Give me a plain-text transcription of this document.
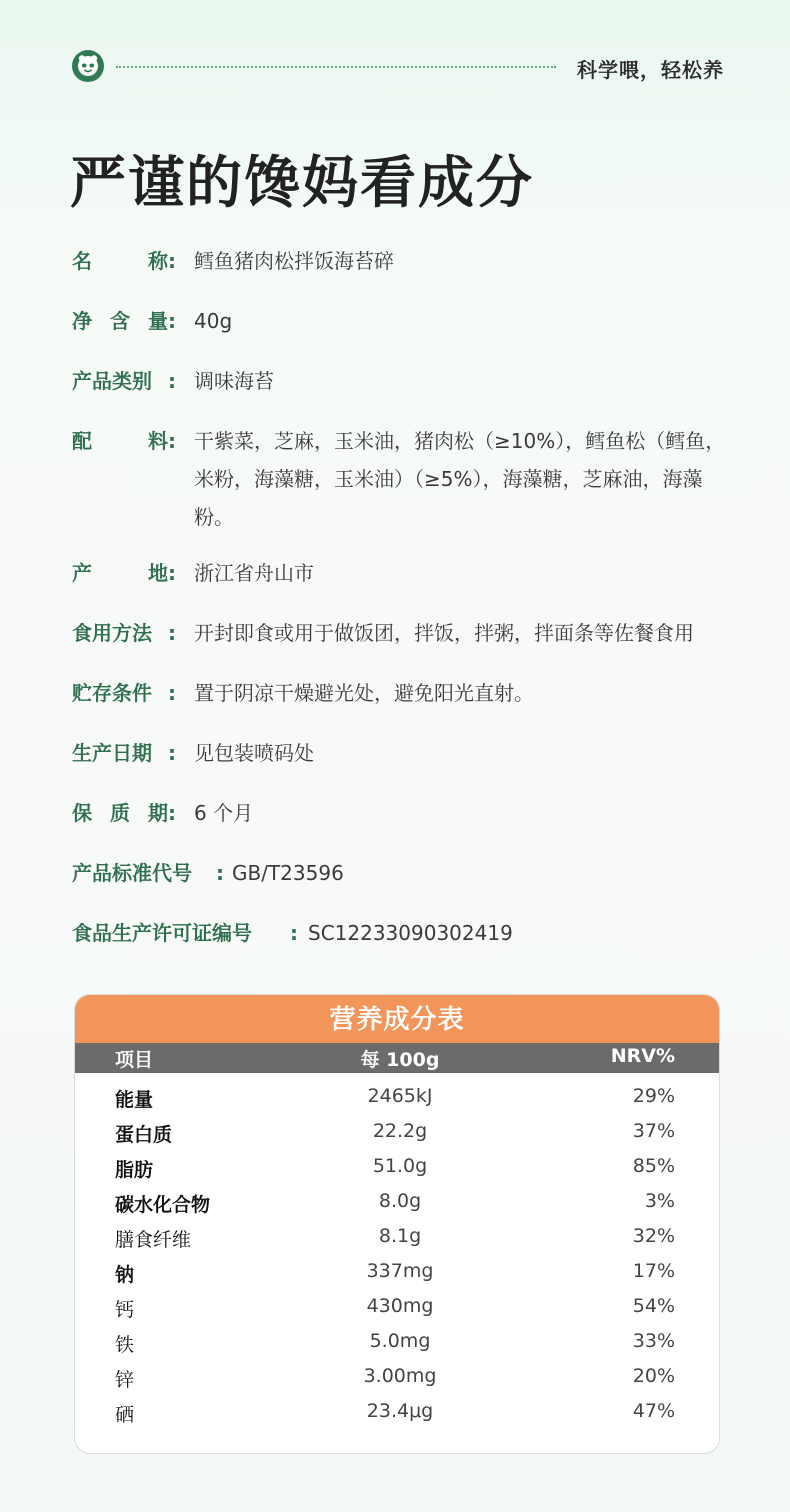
科学喂，轻松养
严谨的馋妈看成分
名	称 : 鳕鱼猪肉松拌饭海苔碎
净 含 量 : 40g
产品类别 : 调味海苔
配	料 : 干紫菜，芝麻，玉米油，猪肉松（≥10%），鳕鱼松（鳕鱼，米粉，海藻糖，玉米油）（≥5%），海藻糖，芝麻油，海藻粉。
产	地 : 浙江省舟山市
食用方法 : 开封即食或用于做饭团，拌饭，拌粥，拌面条等佐餐食用
贮存条件 : 置于阴凉干燥避光处，避免阳光直射。
生产日期 : 见包装喷码处
保 质 期 : 6 个月
产品标准代号 : GB/T23596
食品生产许可证编号 : SC12233090302419
营养成分表
项目	每 100g	NRV%
能量	2465kJ	29%
蛋白质	22.2g	37%
脂肪	51.0g	85%
碳水化合物	8.0g	3%
膳食纤维	8.1g	32%
钠	337mg	17%
钙	430mg	54%
铁	5.0mg	33%
锌	3.00mg	20%
硒	23.4μg	47%
